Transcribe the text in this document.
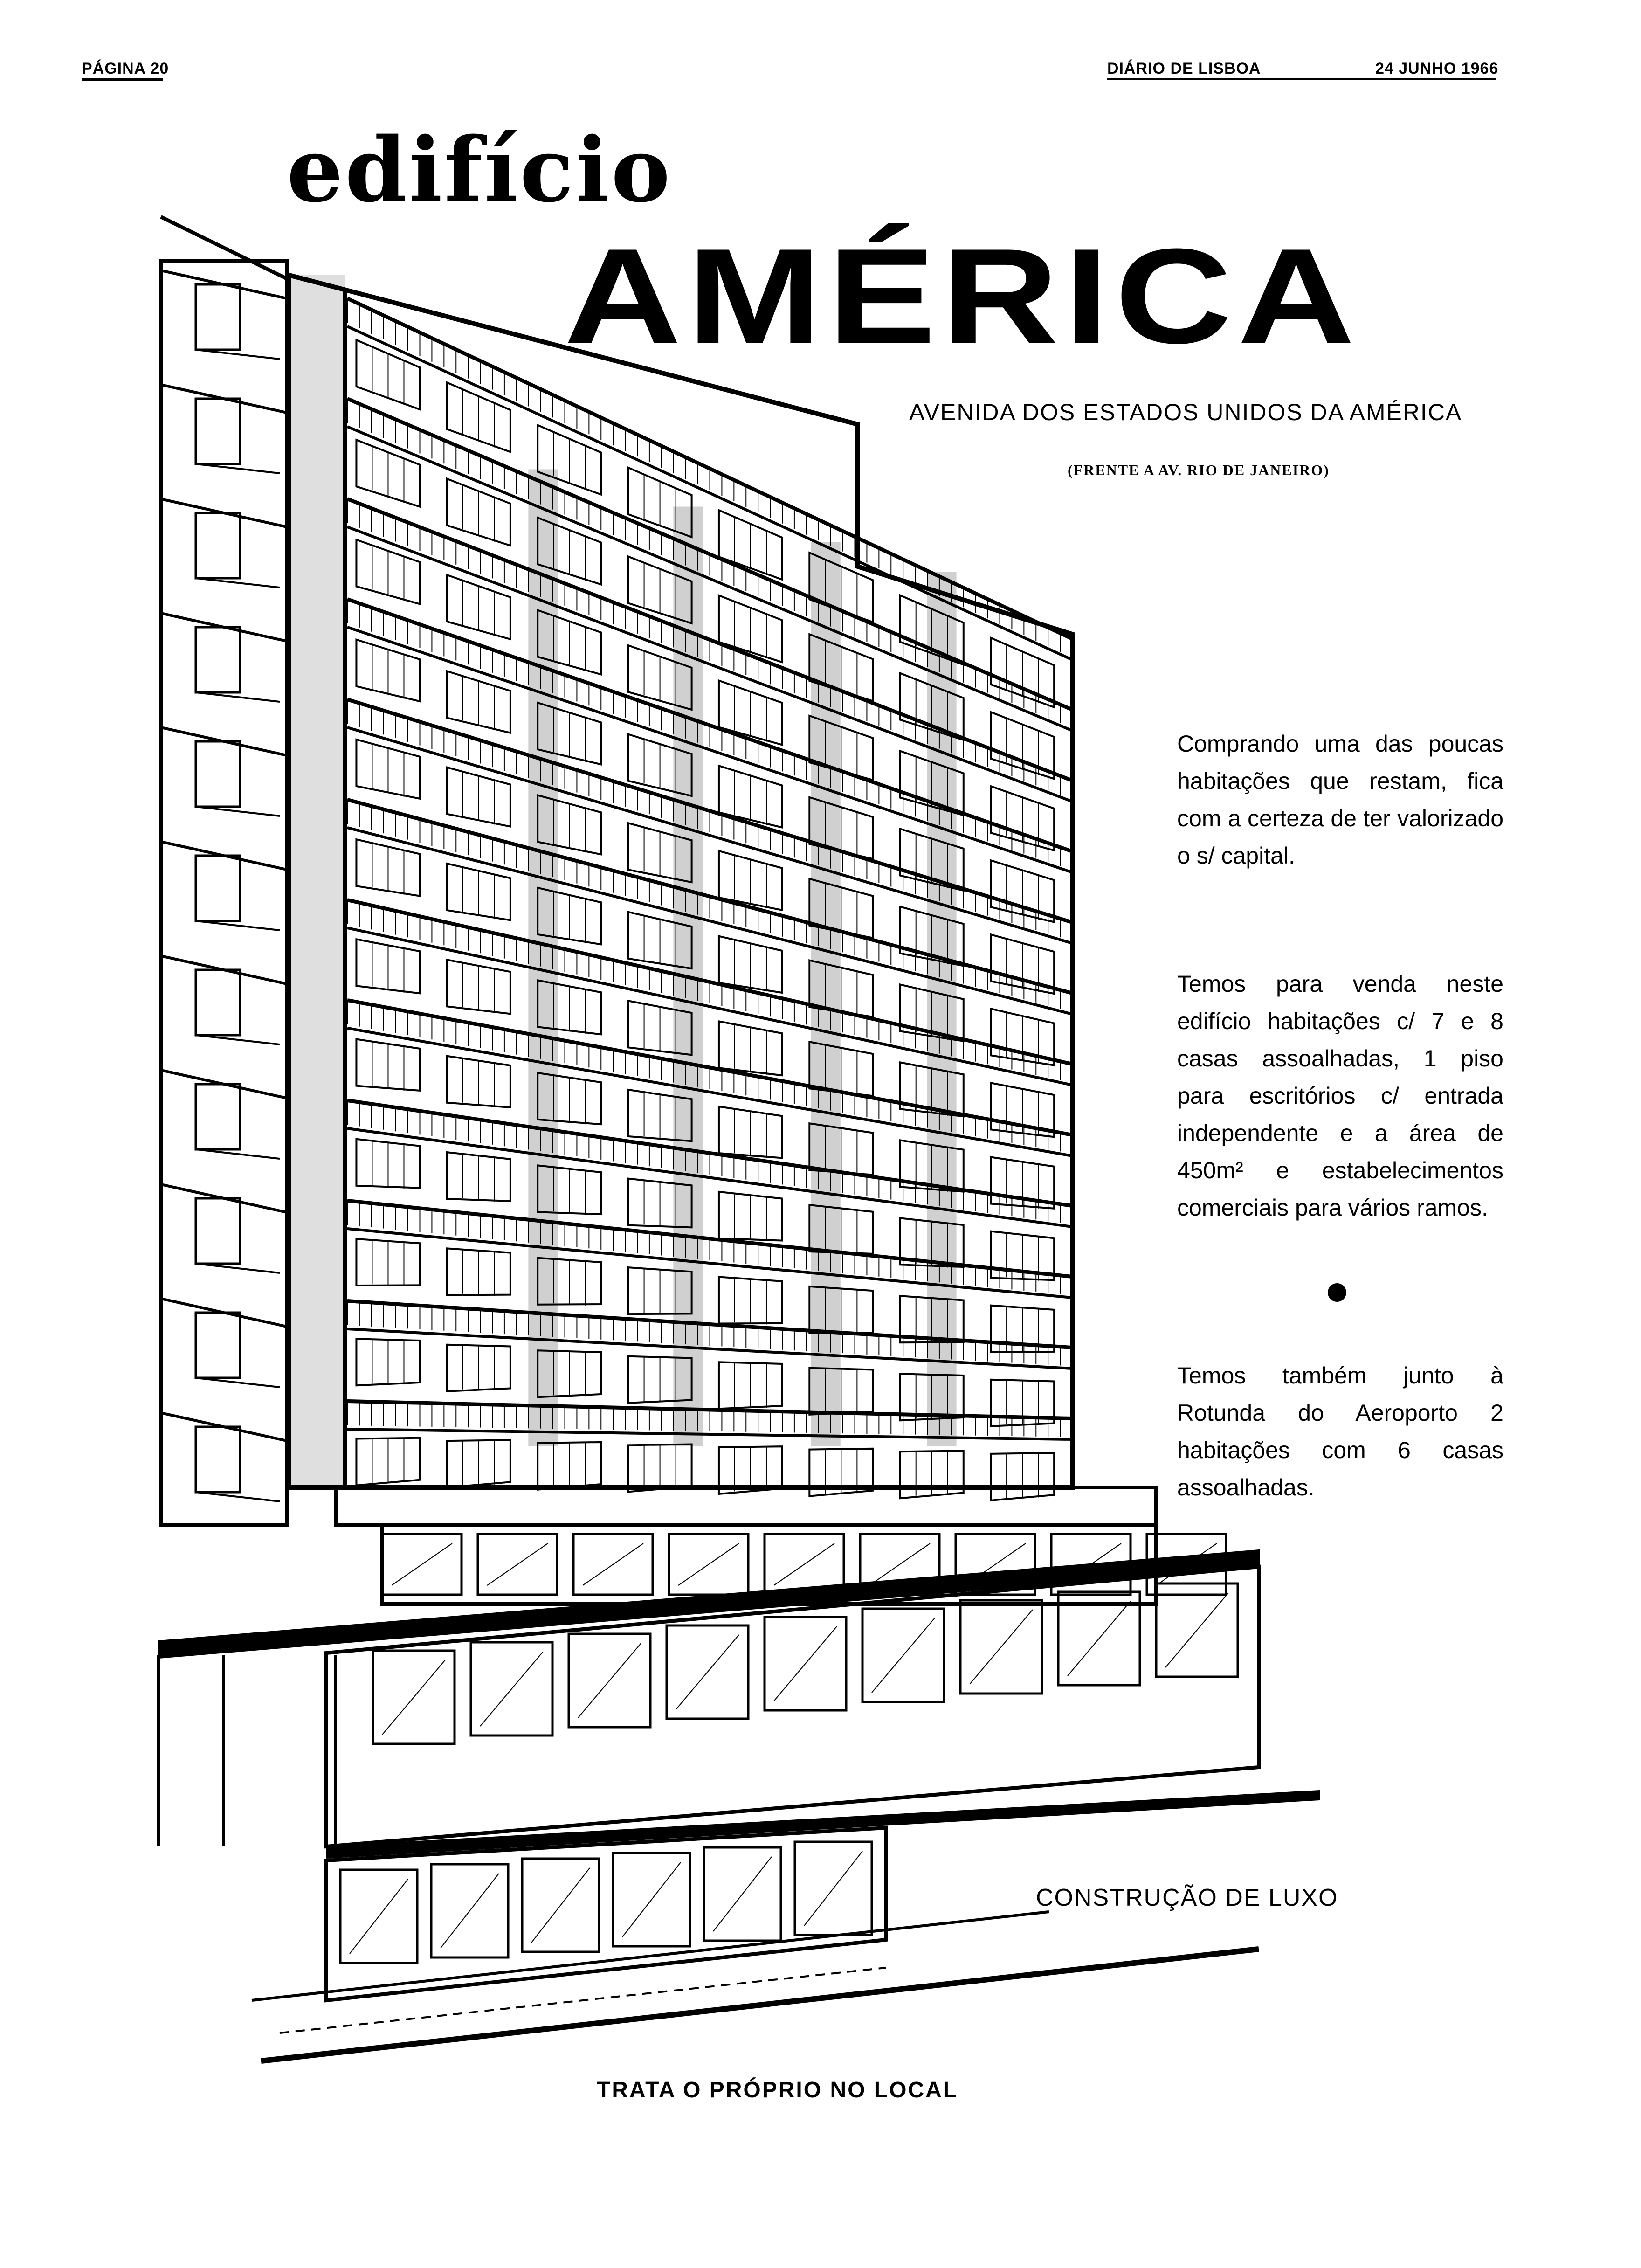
PÁGINA 20	DIÁRIO DE LISBOA	24 JUNHO 1966
edifício
AMÉRICA
AVENIDA DOS ESTADOS UNIDOS DA AMÉRICA
(FRENTE A AV. RIO DE JANEIRO)
Comprando uma das poucas habitações que restam, fica com a certeza de ter valorizado o s/ capital.
Temos para venda neste edifício habitações c/ 7 e 8 casas assoalhadas, 1 piso para escritórios c/ entrada independente e a área de 450m² e estabelecimentos comerciais para vários ramos.
Temos também junto à Rotunda do Aeroporto 2 habitações com 6 casas assoalhadas.
CONSTRUÇÃO DE LUXO
TRATA O PRÓPRIO NO LOCAL
